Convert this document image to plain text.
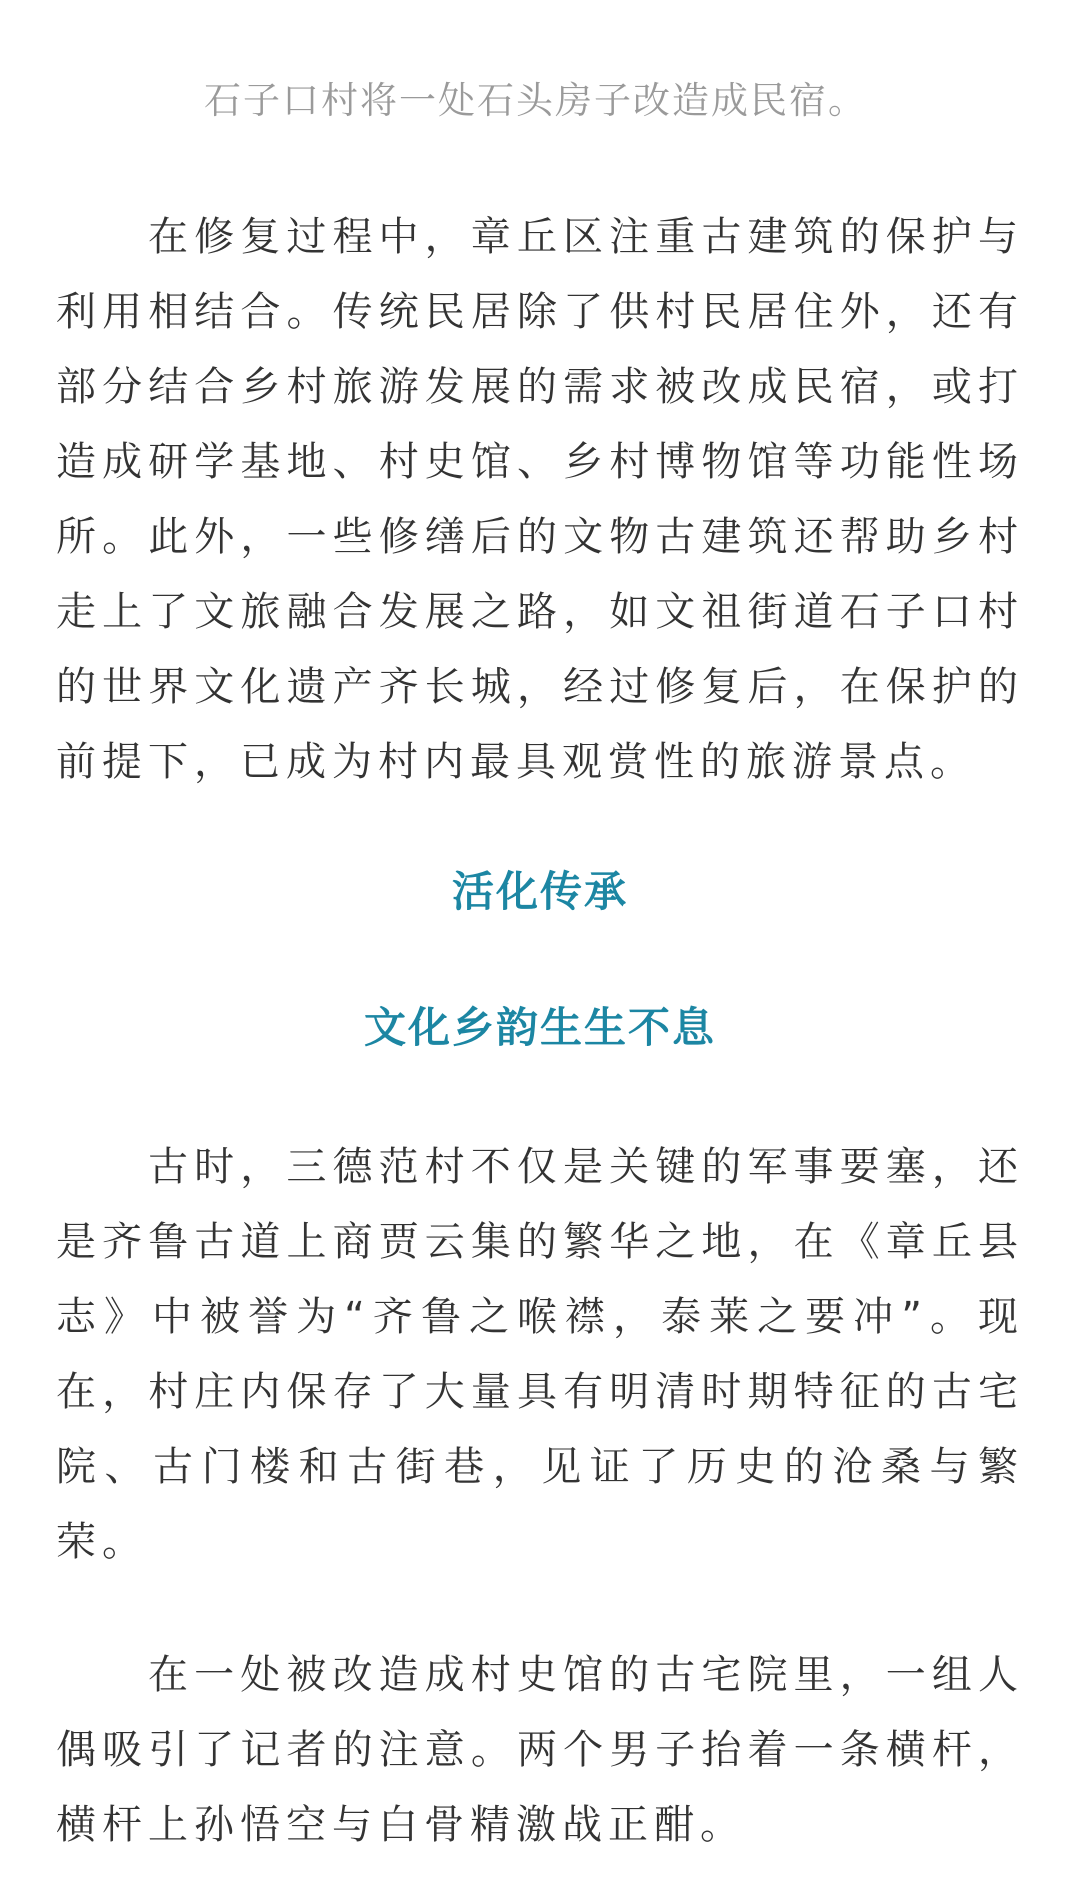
石子口村将一处石头房子改造成民宿。

在修复过程中，章丘区注重古建筑的保护与利用相结合。传统民居除了供村民居住外，还有部分结合乡村旅游发展的需求被改成民宿，或打造成研学基地、村史馆、乡村博物馆等功能性场所。此外，一些修缮后的文物古建筑还帮助乡村走上了文旅融合发展之路，如文祖街道石子口村的世界文化遗产齐长城，经过修复后，在保护的前提下，已成为村内最具观赏性的旅游景点。

活化传承
文化乡韵生生不息

古时，三德范村不仅是关键的军事要塞，还是齐鲁古道上商贾云集的繁华之地，在《章丘县志》中被誉为“齐鲁之喉襟，泰莱之要冲”。现在，村庄内保存了大量具有明清时期特征的古宅院、古门楼和古街巷，见证了历史的沧桑与繁荣。

在一处被改造成村史馆的古宅院里，一组人偶吸引了记者的注意。两个男子抬着一条横杆，横杆上孙悟空与白骨精激战正酣。
